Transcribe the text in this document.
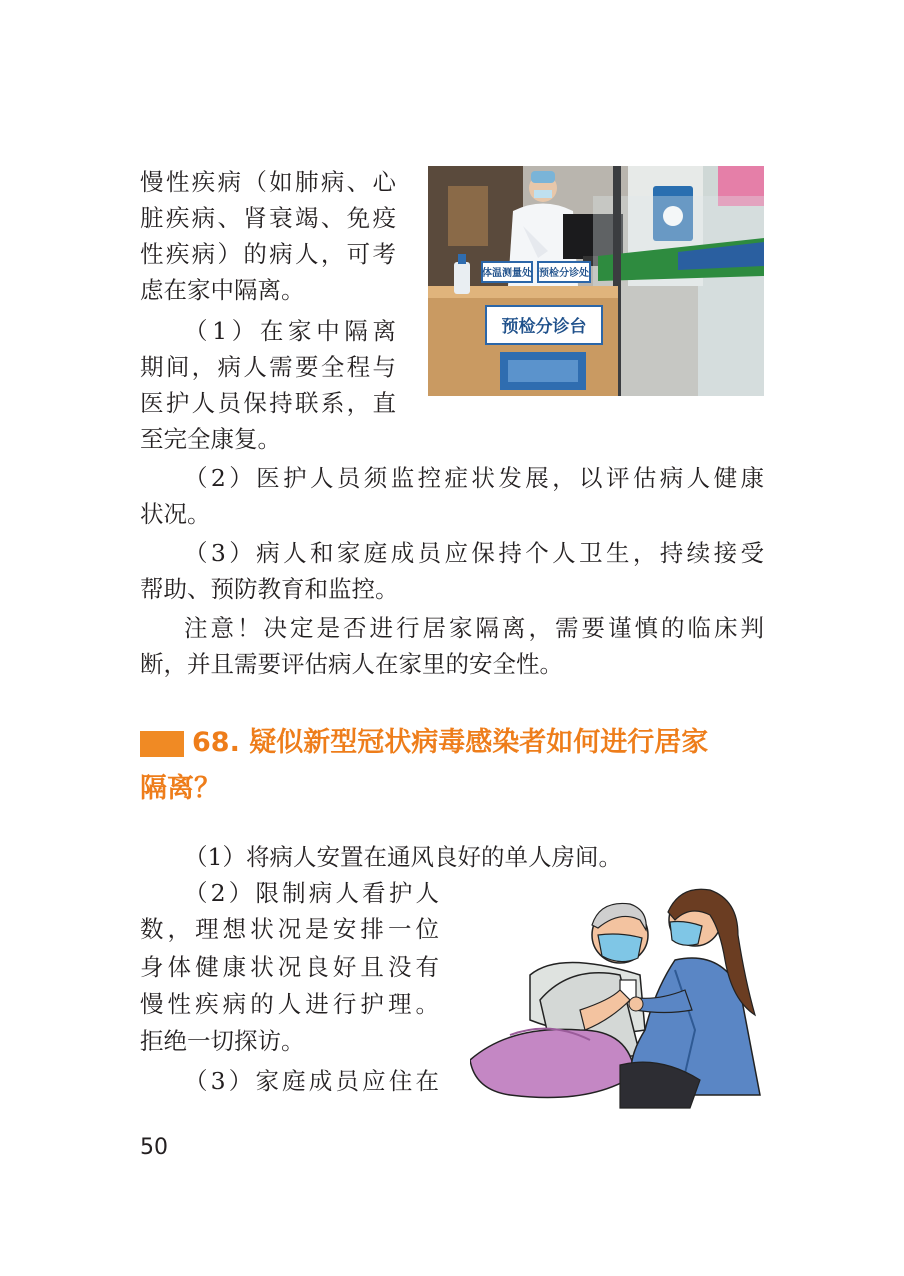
慢性疾病（如肺病、心

脏疾病、肾衰竭、免疫

性疾病）的病人，可考

虑在家中隔离。

（1）在家中隔离

期间，病人需要全程与

医护人员保持联系，直

至完全康复。

（2）医护人员须监控症状发展，以评估病人健康

状况。

（3）病人和家庭成员应保持个人卫生，持续接受

帮助、预防教育和监控。

注意！决定是否进行居家隔离，需要谨慎的临床判

断，并且需要评估病人在家里的安全性。

体温测量处 预检分诊处
预检分诊台
68. 疑似新型冠状病毒感染者如何进行居家
隔离？

（1）将病人安置在通风良好的单人房间。

（2）限制病人看护人

数，理想状况是安排一位

身体健康状况良好且没有

慢性疾病的人进行护理。

拒绝一切探访。

（3）家庭成员应住在

50
